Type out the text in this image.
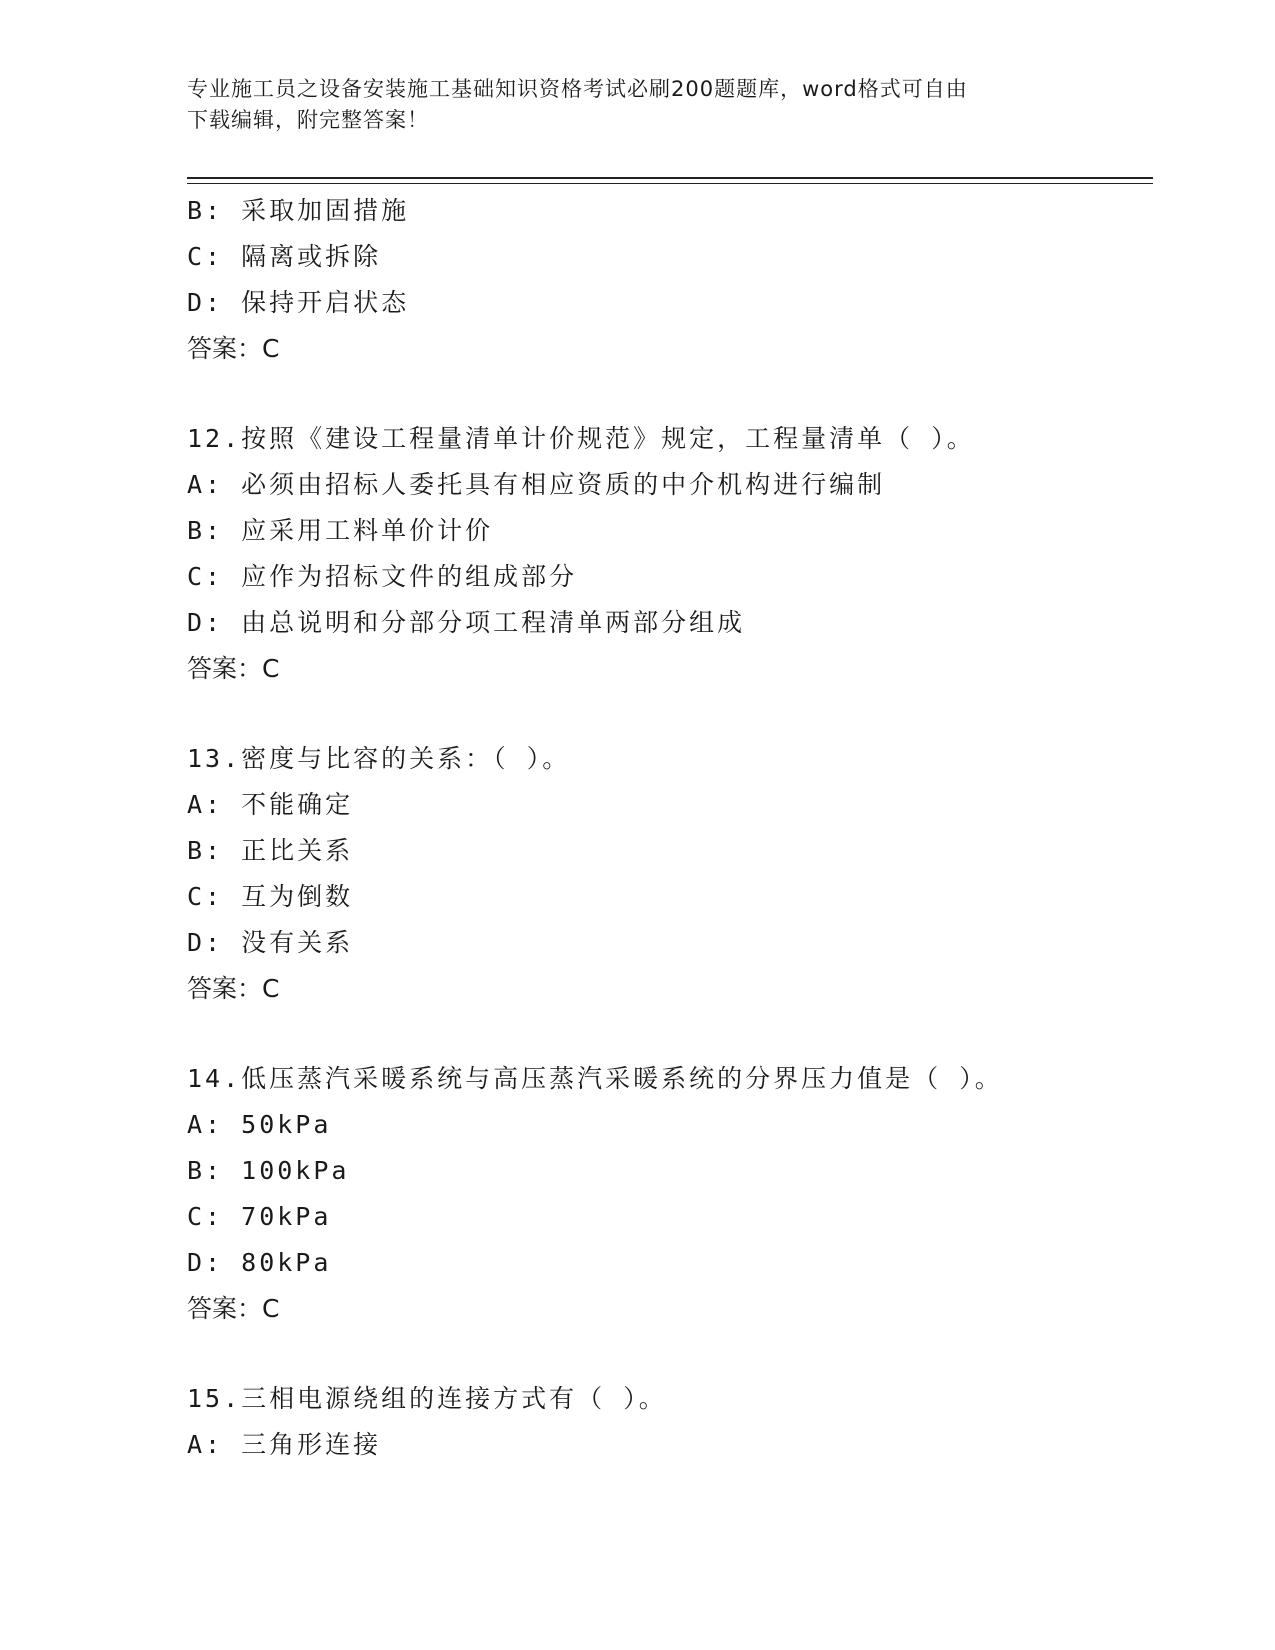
专业施工员之设备安装施工基础知识资格考试必刷200题题库，word格式可自由
下载编辑，附完整答案！
B: 采取加固措施
C: 隔离或拆除
D: 保持开启状态
答案：C
12.按照《建设工程量清单计价规范》规定，工程量清单（ ）。
A: 必须由招标人委托具有相应资质的中介机构进行编制
B: 应采用工料单价计价
C: 应作为招标文件的组成部分
D: 由总说明和分部分项工程清单两部分组成
答案：C
13.密度与比容的关系：（ ）。
A: 不能确定
B: 正比关系
C: 互为倒数
D: 没有关系
答案：C
14.低压蒸汽采暖系统与高压蒸汽采暖系统的分界压力值是（ ）。
A: 50kPa
B: 100kPa
C: 70kPa
D: 80kPa
答案：C
15.三相电源绕组的连接方式有（ ）。
A: 三角形连接
